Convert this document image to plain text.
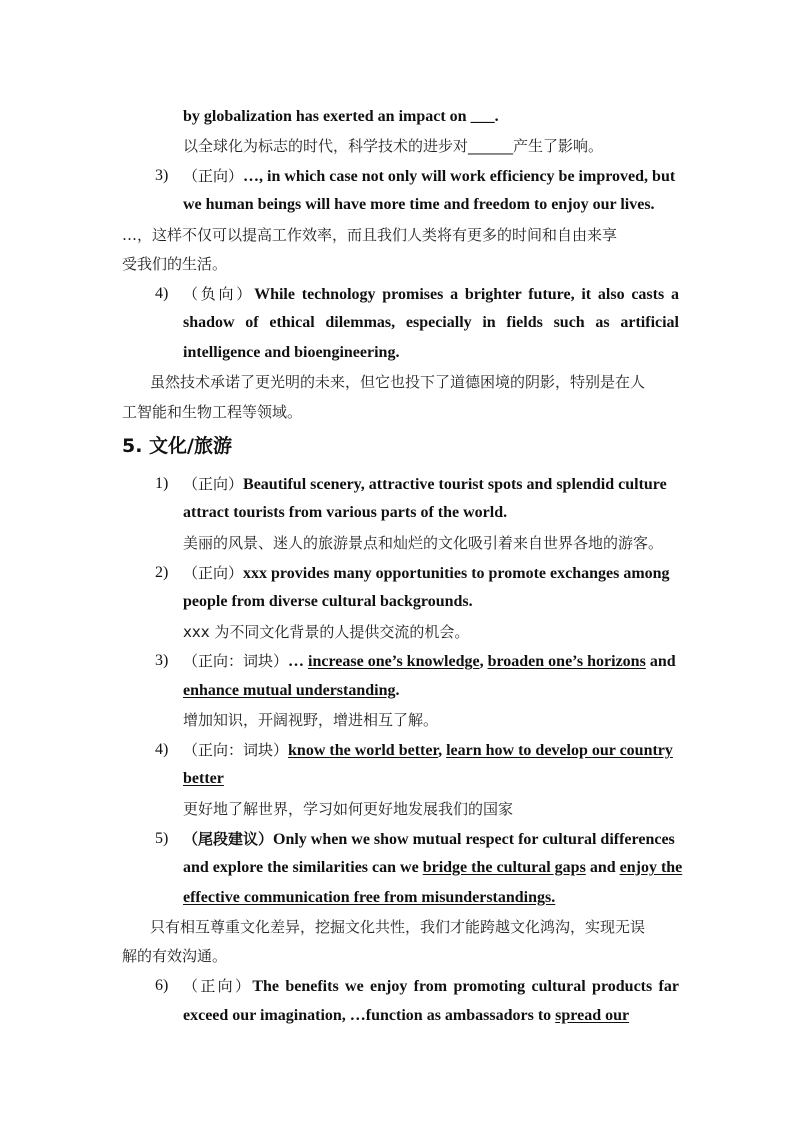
by globalization has exerted an impact on ___.
以全球化为标志的时代，科学技术的进步对______产生了影响。
3) （正向）…, in which case not only will work efficiency be improved, but
we human beings will have more time and freedom to enjoy our lives.
…，这样不仅可以提高工作效率，而且我们人类将有更多的时间和自由来享
受我们的生活。
4) （负向）While technology promises a brighter future, it also casts a
shadow of ethical dilemmas, especially in fields such as artificial
intelligence and bioengineering.
虽然技术承诺了更光明的未来，但它也投下了道德困境的阴影，特别是在人
工智能和生物工程等领域。
5. 文化/旅游
1) （正向）Beautiful scenery, attractive tourist spots and splendid culture
attract tourists from various parts of the world.
美丽的风景、迷人的旅游景点和灿烂的文化吸引着来自世界各地的游客。
2) （正向）xxx provides many opportunities to promote exchanges among
people from diverse cultural backgrounds.
xxx 为不同文化背景的人提供交流的机会。
3) （正向：词块）… increase one’s knowledge, broaden one’s horizons and
enhance mutual understanding.
增加知识，开阔视野，增进相互了解。
4) （正向：词块）know the world better, learn how to develop our country
better
更好地了解世界，学习如何更好地发展我们的国家
5) （尾段建议）Only when we show mutual respect for cultural differences
and explore the similarities can we bridge the cultural gaps and enjoy the
effective communication free from misunderstandings.
只有相互尊重文化差异，挖掘文化共性，我们才能跨越文化鸿沟，实现无误
解的有效沟通。
6) （正向）The benefits we enjoy from promoting cultural products far
exceed our imagination, …function as ambassadors to spread our
